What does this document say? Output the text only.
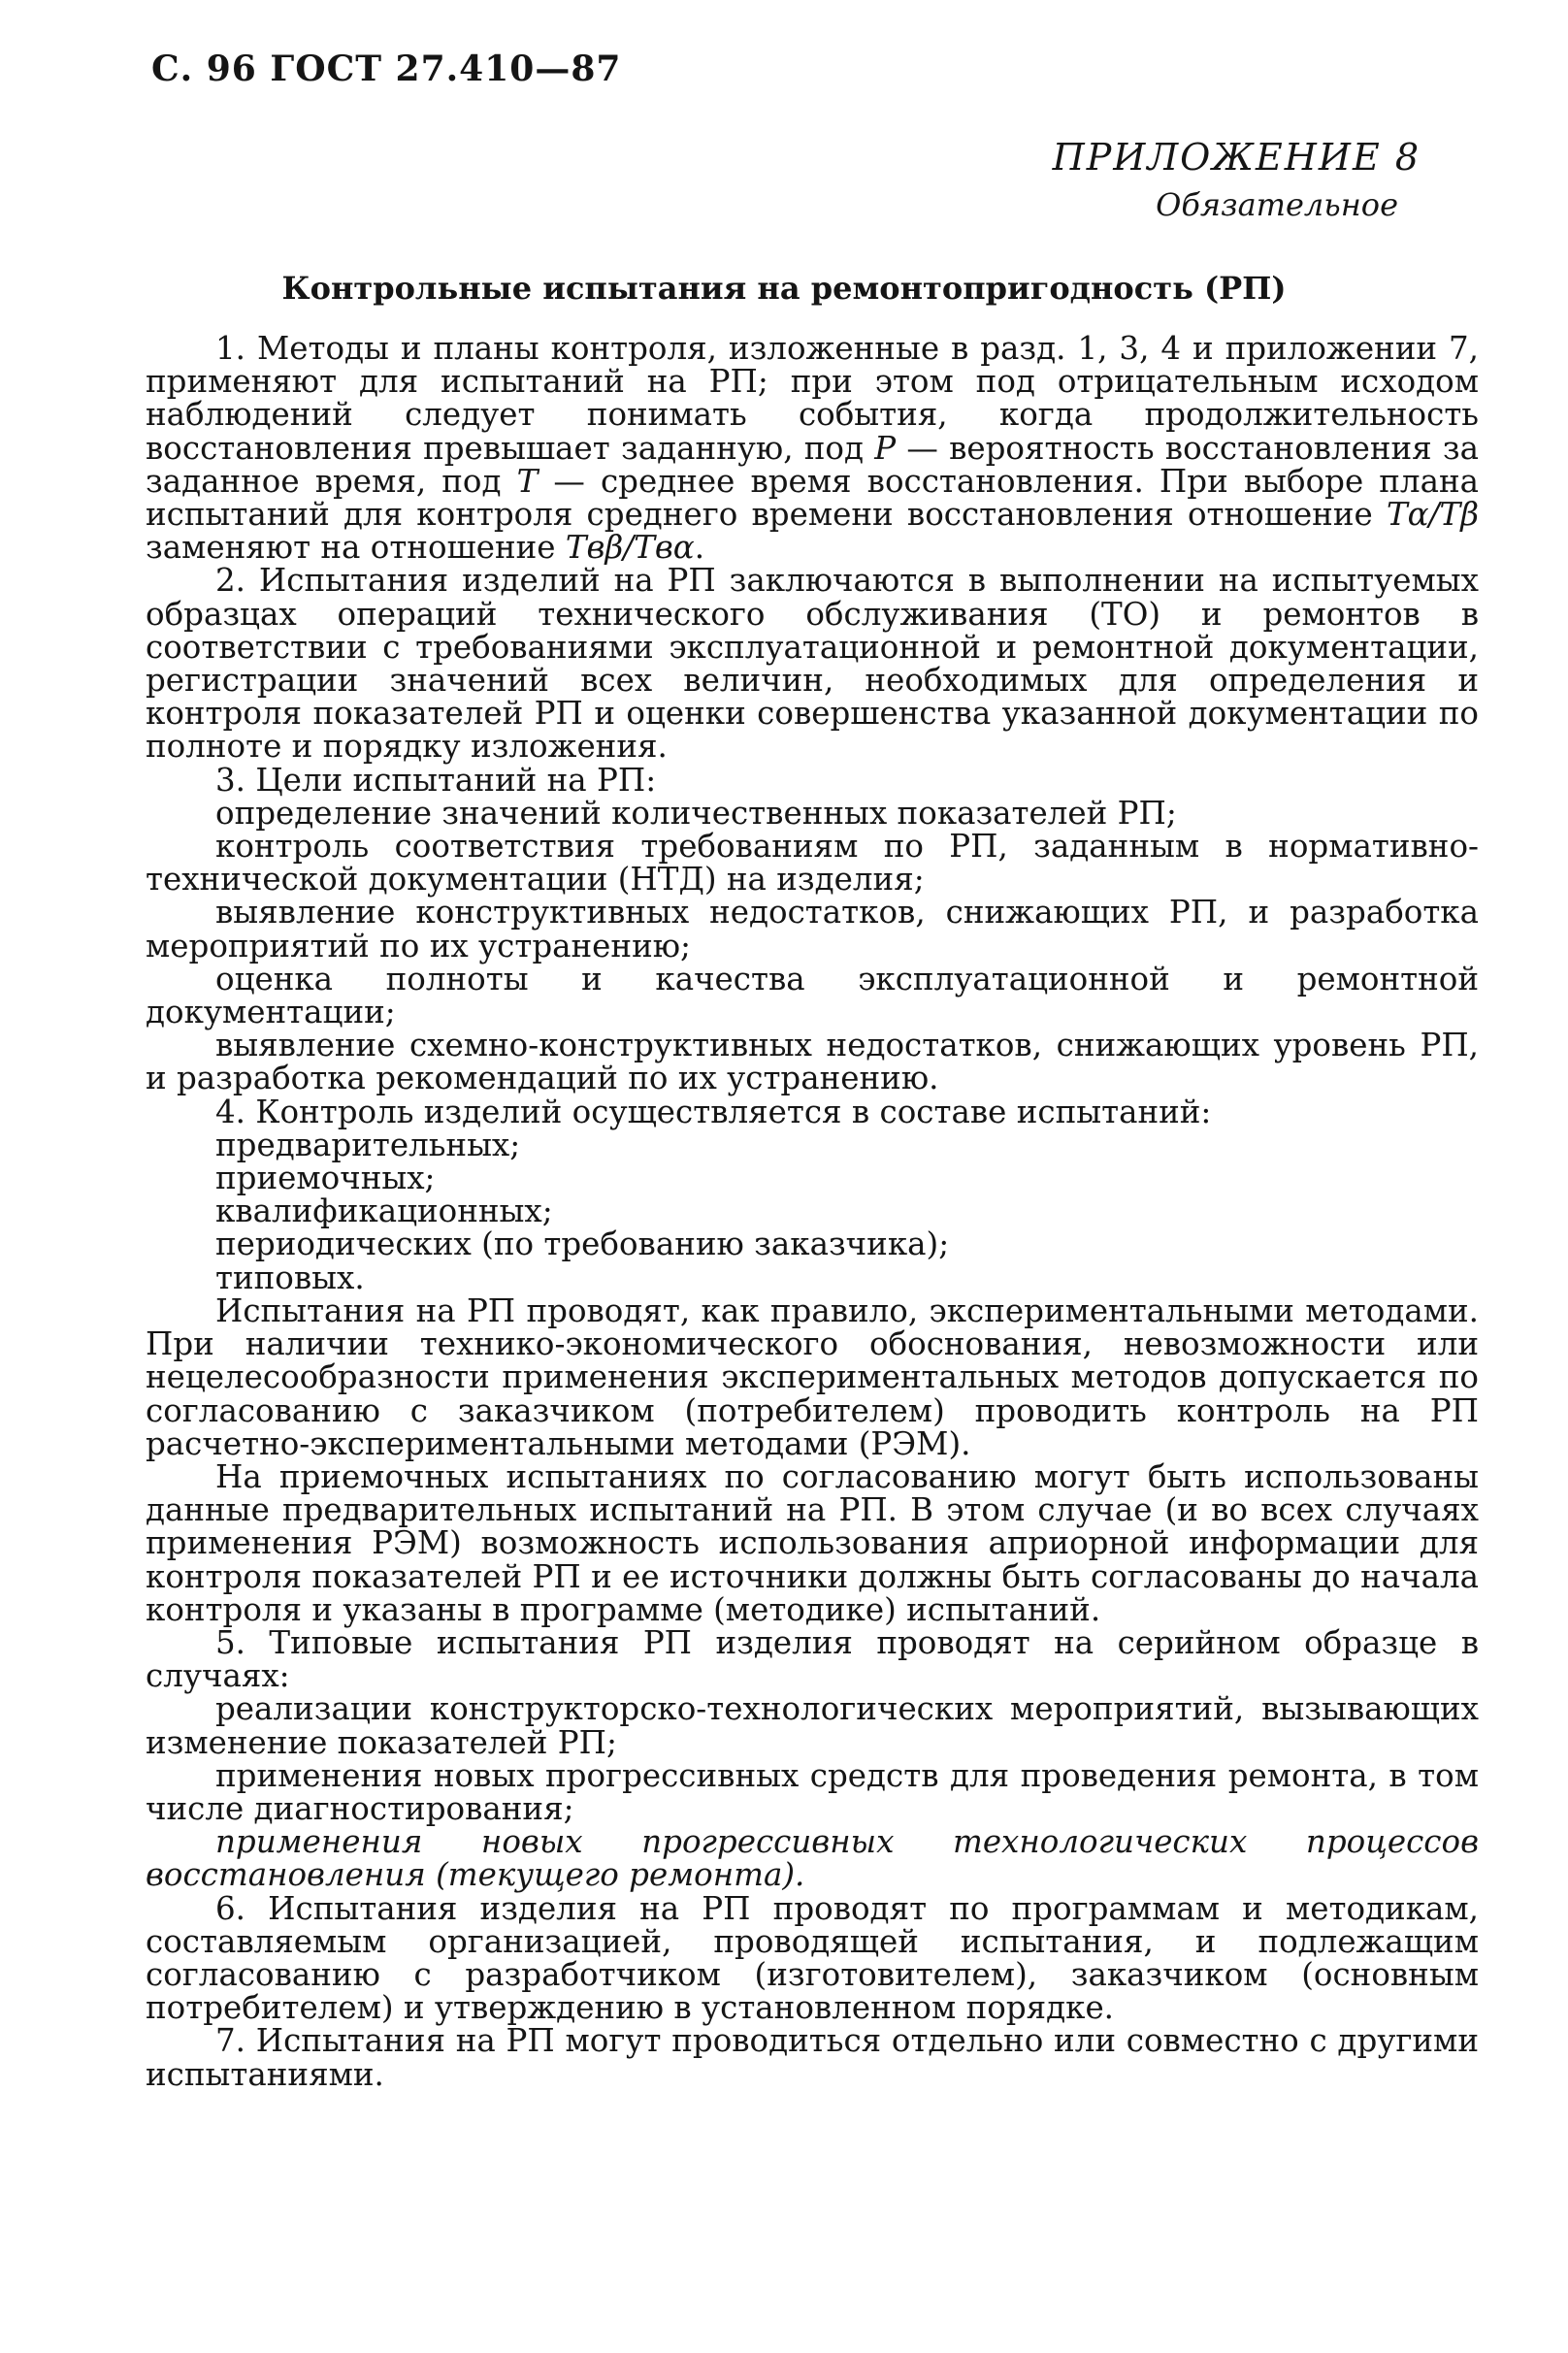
С. 96 ГОСТ 27.410—87
ПРИЛОЖЕНИЕ 8
Обязательное
Контрольные испытания на ремонтопригодность (РП)

1. Методы и планы контроля, изложенные в разд. 1, 3, 4 и приложении 7, применяют для испытаний на РП; при этом под отрицательным исходом наблюдений следует понимать события, когда продолжительность восстановления превышает заданную, под P — вероятность восстановления за заданное время, под T — среднее время восстановления. При выборе плана испытаний для контроля среднего времени восстановления отношение Tα/Tβ заменяют на отношение Tвβ/Tвα.

2. Испытания изделий на РП заключаются в выполнении на испытуемых образцах операций технического обслуживания (ТО) и ремонтов в соответствии с требованиями эксплуатационной и ремонтной документации, регистрации значений всех величин, необходимых для определения и контроля показателей РП и оценки совершенства указанной документации по полноте и порядку изложения.

3. Цели испытаний на РП:

определение значений количественных показателей РП;

контроль соответствия требованиям по РП, заданным в нормативно-технической документации (НТД) на изделия;

выявление конструктивных недостатков, снижающих РП, и разработка мероприятий по их устранению;

оценка полноты и качества эксплуатационной и ремонтной документации;

выявление схемно-конструктивных недостатков, снижающих уровень РП, и разработка рекомендаций по их устранению.

4. Контроль изделий осуществляется в составе испытаний:

предварительных;

приемочных;

квалификационных;

периодических (по требованию заказчика);

типовых.

Испытания на РП проводят, как правило, экспериментальными методами. При наличии технико-экономического обоснования, невозможности или нецелесообразности применения экспериментальных методов допускается по согласованию с заказчиком (потребителем) проводить контроль на РП расчетно-экспериментальными методами (РЭМ).

На приемочных испытаниях по согласованию могут быть использованы данные предварительных испытаний на РП. В этом случае (и во всех случаях применения РЭМ) возможность использования априорной информации для контроля показателей РП и ее источники должны быть согласованы до начала контроля и указаны в программе (методике) испытаний.

5. Типовые испытания РП изделия проводят на серийном образце в случаях:

реализации конструкторско-технологических мероприятий, вызывающих изменение показателей РП;

применения новых прогрессивных средств для проведения ремонта, в том числе диагностирования;

применения новых прогрессивных технологических процессов восстановления (текущего ремонта).

6. Испытания изделия на РП проводят по программам и методикам, составляемым организацией, проводящей испытания, и подлежащим согласованию с разработчиком (изготовителем), заказчиком (основным потребителем) и утверждению в установленном порядке.

7. Испытания на РП могут проводиться отдельно или совместно с другими испытаниями.
